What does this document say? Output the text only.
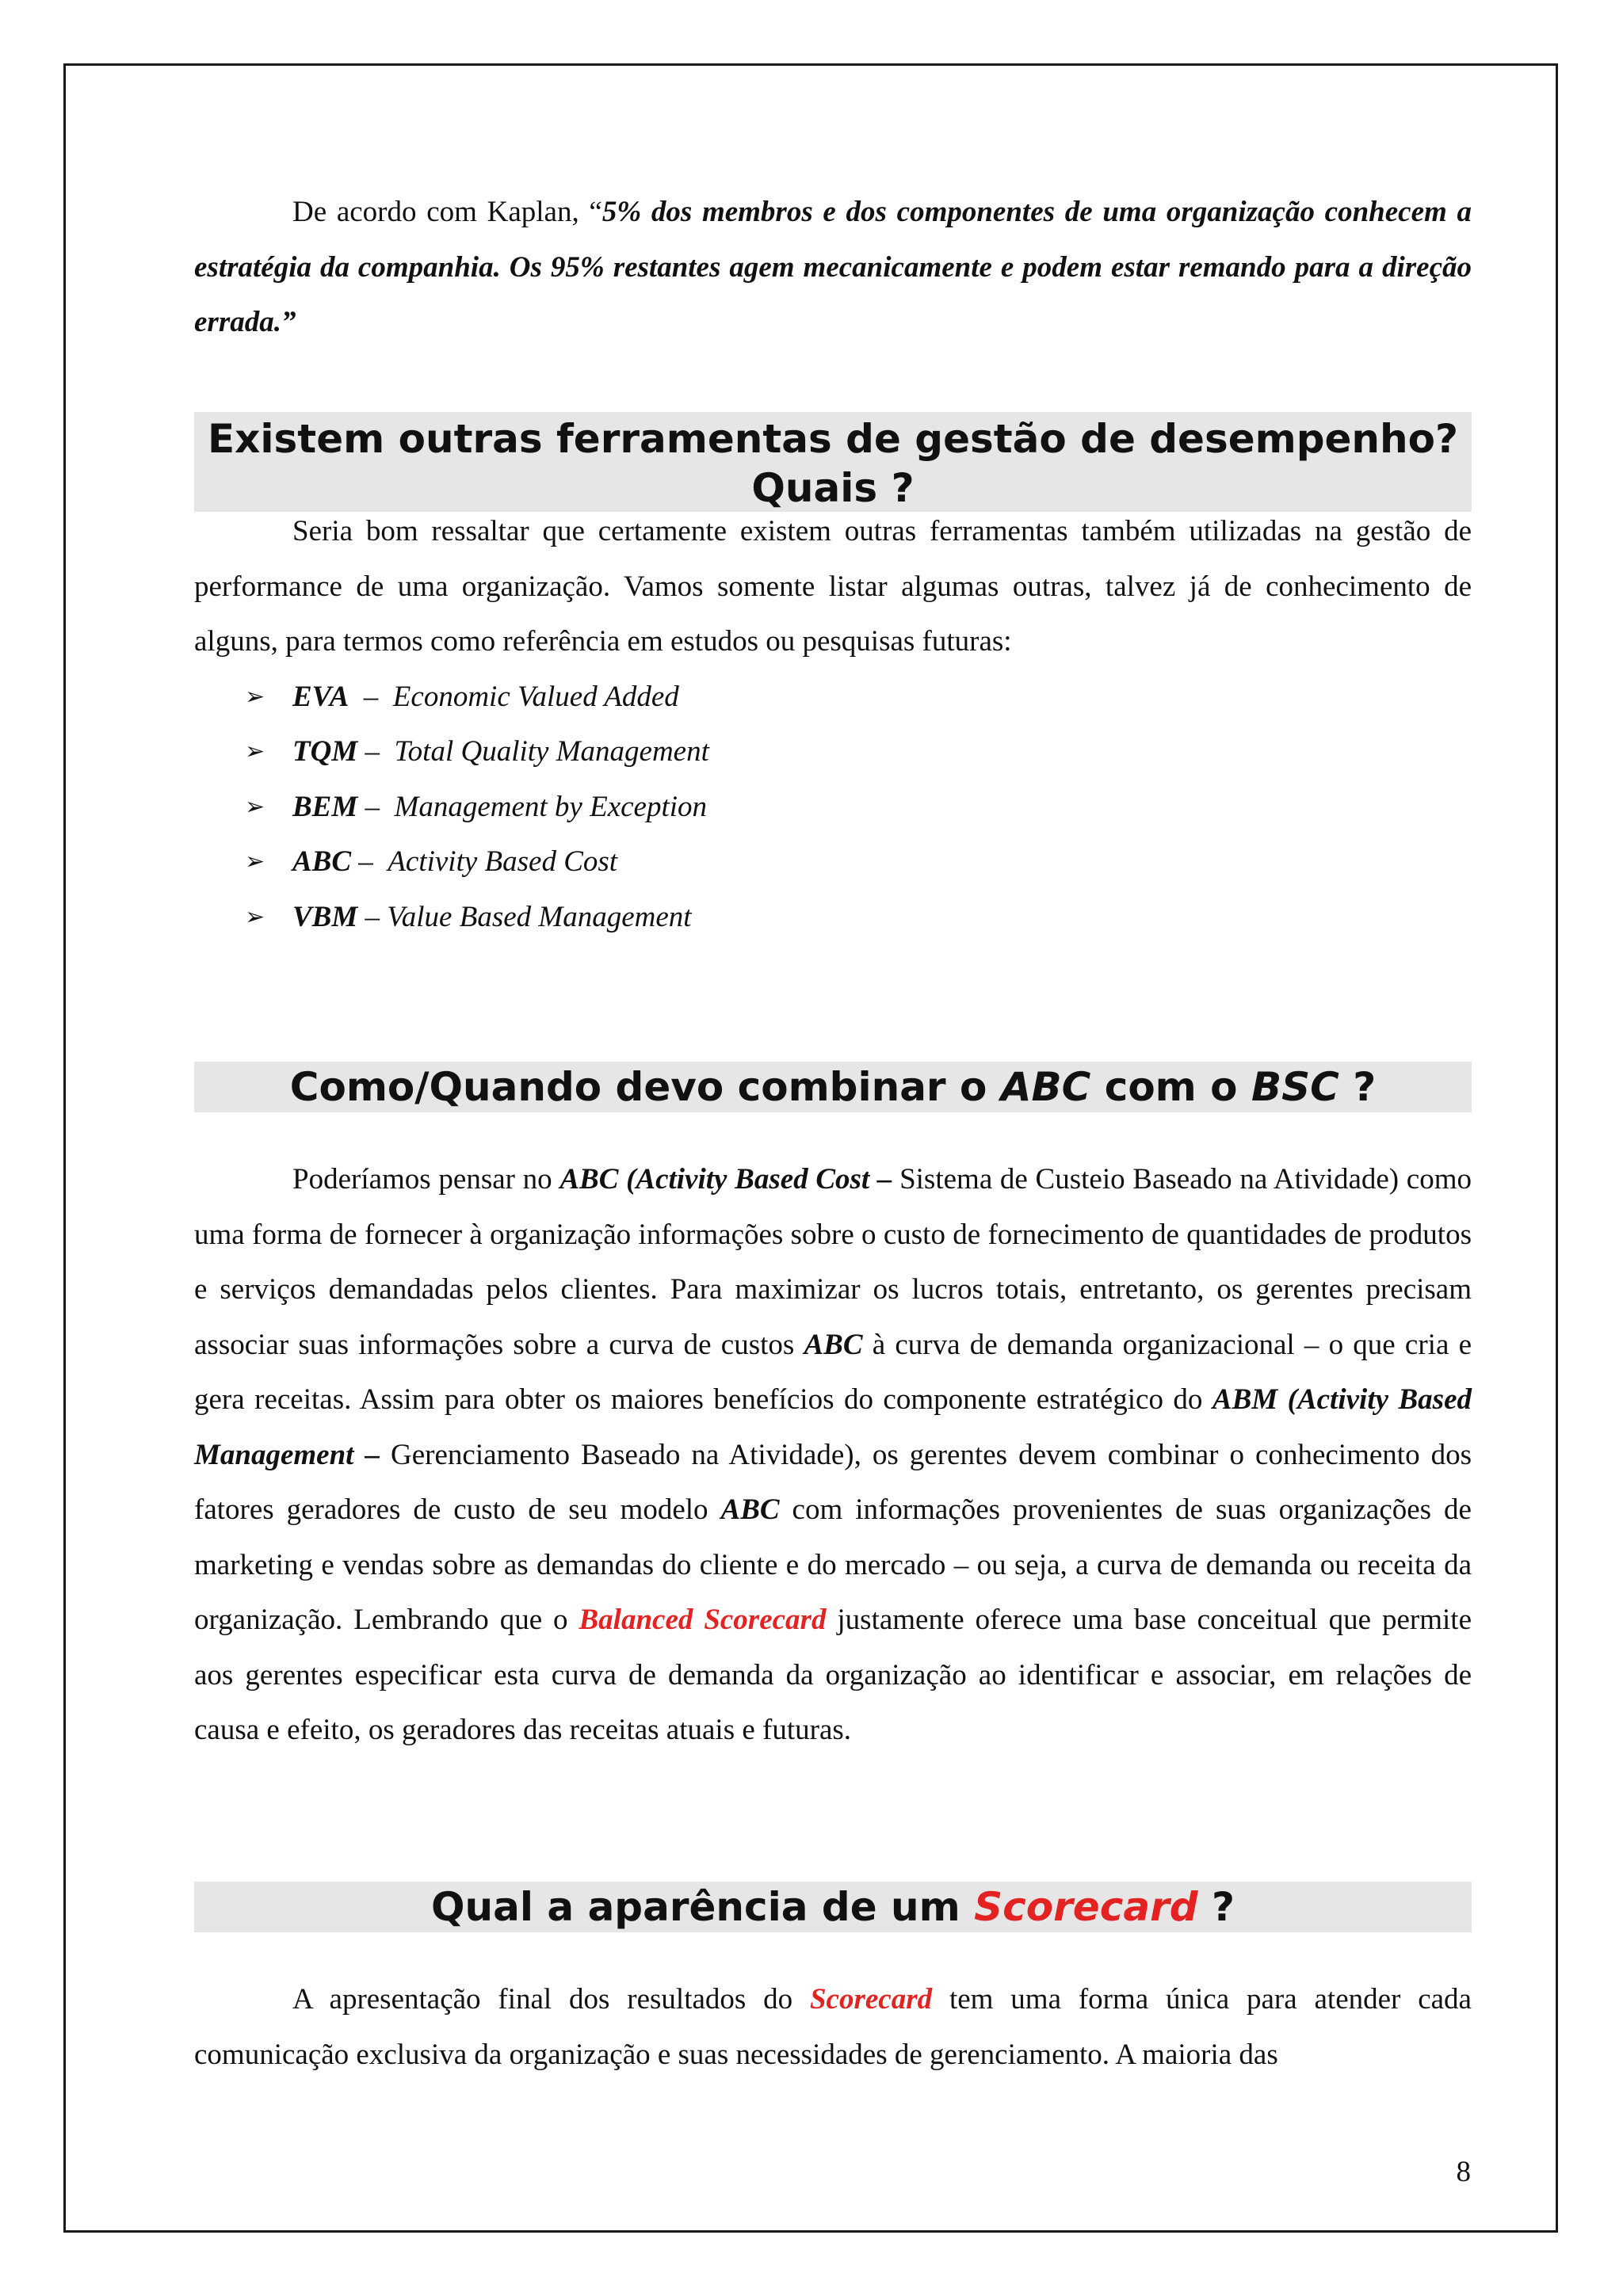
De acordo com Kaplan, “5% dos membros e dos componentes de uma organização conhecem a estratégia da companhia. Os 95% restantes agem mecanicamente e podem estar remando para a direção errada.”

Existem outras ferramentas de gestão de desempenho? Quais ?

Seria bom ressaltar que certamente existem outras ferramentas também utilizadas na gestão de performance de uma organização. Vamos somente listar algumas outras, talvez já de conhecimento de alguns, para termos como referência em estudos ou pesquisas futuras:

➢ EVA  –  Economic Valued Added
➢ TQM –  Total Quality Management
➢ BEM –  Management by Exception
➢ ABC –  Activity Based Cost
➢ VBM – Value Based Management
Como/Quando devo combinar o ABC com o BSC ?

Poderíamos pensar no ABC (Activity Based Cost – Sistema de Custeio Baseado na Atividade) como uma forma de fornecer à organização informações sobre o custo de fornecimento de quantidades de produtos e serviços demandadas pelos clientes. Para maximizar os lucros totais, entretanto, os gerentes precisam associar suas informações sobre a curva de custos ABC à curva de demanda organizacional – o que cria e gera receitas. Assim para obter os maiores benefícios do componente estratégico do ABM (Activity Based Management – Gerenciamento Baseado na Atividade), os gerentes devem combinar o conhecimento dos fatores geradores de custo de seu modelo ABC com informações provenientes de suas organizações de marketing e vendas sobre as demandas do cliente e do mercado – ou seja, a curva de demanda ou receita da organização. Lembrando que o Balanced Scorecard justamente oferece uma base conceitual que permite aos gerentes especificar esta curva de demanda da organização ao identificar e associar, em relações de causa e efeito, os geradores das receitas atuais e futuras.

Qual a aparência de um Scorecard ?

A apresentação final dos resultados do Scorecard tem uma forma única para atender cada comunicação exclusiva da organização e suas necessidades de gerenciamento. A maioria das

8
